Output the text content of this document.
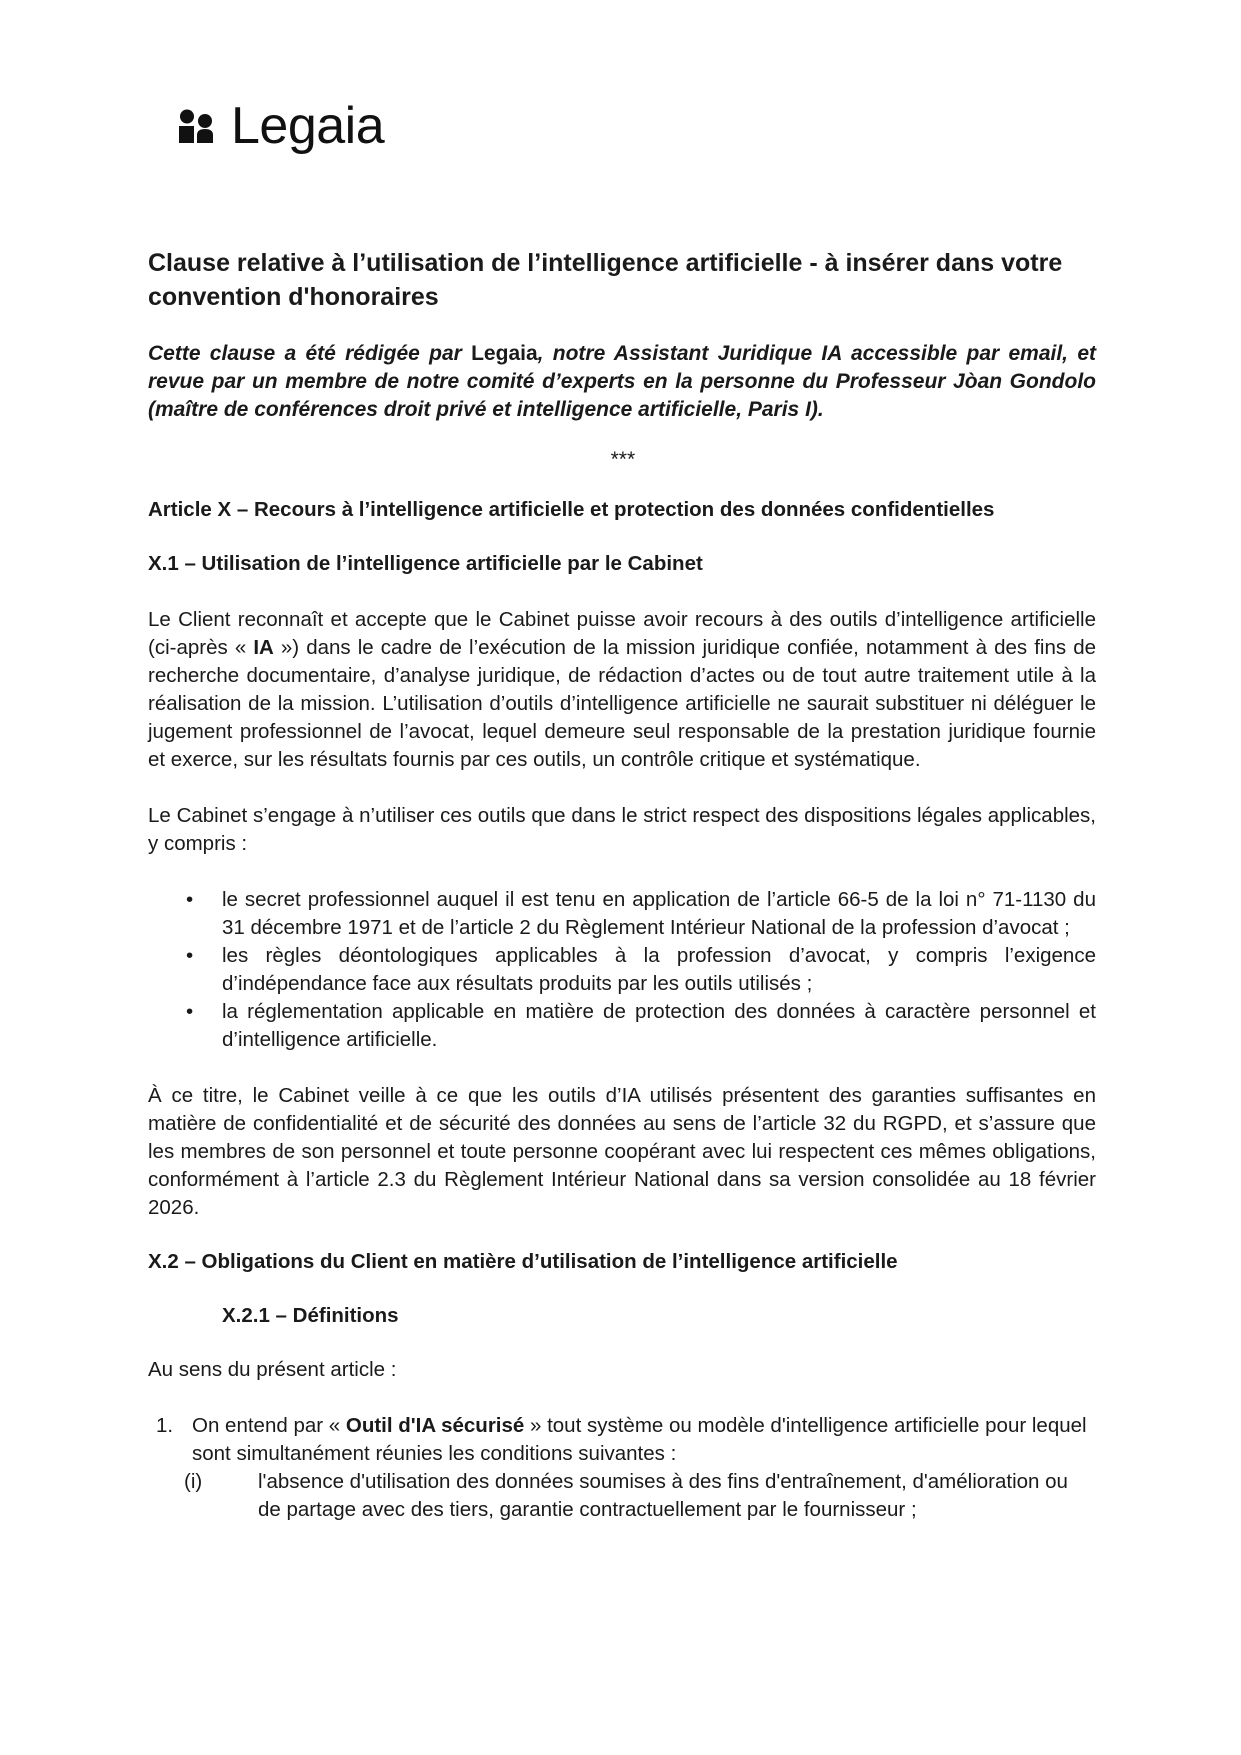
Legaia
Clause relative à l’utilisation de l’intelligence artificielle - à insérer dans votre convention d'honoraires

Cette clause a été rédigée par Legaia, notre Assistant Juridique IA accessible par email, et revue par un membre de notre comité d’experts en la personne du Professeur Jòan Gondolo (maître de conférences droit privé et intelligence artificielle, Paris I).

***

Article X – Recours à l’intelligence artificielle et protection des données confidentielles

X.1 – Utilisation de l’intelligence artificielle par le Cabinet

Le Client reconnaît et accepte que le Cabinet puisse avoir recours à des outils d’intelligence artificielle (ci-après « IA ») dans le cadre de l’exécution de la mission juridique confiée, notamment à des fins de recherche documentaire, d’analyse juridique, de rédaction d’actes ou de tout autre traitement utile à la réalisation de la mission. L’utilisation d’outils d’intelligence artificielle ne saurait substituer ni déléguer le jugement professionnel de l’avocat, lequel demeure seul responsable de la prestation juridique fournie et exerce, sur les résultats fournis par ces outils, un contrôle critique et systématique.

Le Cabinet s’engage à n’utiliser ces outils que dans le strict respect des dispositions légales applicables, y compris :

• le secret professionnel auquel il est tenu en application de l’article 66-5 de la loi n° 71-1130 du 31 décembre 1971 et de l’article 2 du Règlement Intérieur National de la profession d’avocat ;
• les règles déontologiques applicables à la profession d’avocat, y compris l’exigence d’indépendance face aux résultats produits par les outils utilisés ;
• la réglementation applicable en matière de protection des données à caractère personnel et d’intelligence artificielle.

À ce titre, le Cabinet veille à ce que les outils d’IA utilisés présentent des garanties suffisantes en matière de confidentialité et de sécurité des données au sens de l’article 32 du RGPD, et s’assure que les membres de son personnel et toute personne coopérant avec lui respectent ces mêmes obligations, conformément à l’article 2.3 du Règlement Intérieur National dans sa version consolidée au 18 février 2026.

X.2 – Obligations du Client en matière d’utilisation de l’intelligence artificielle

X.2.1 – Définitions

Au sens du présent article :

1. On entend par « Outil d'IA sécurisé » tout système ou modèle d'intelligence artificielle pour lequel sont simultanément réunies les conditions suivantes :
(i)	l'absence d'utilisation des données soumises à des fins d'entraînement, d'amélioration ou de partage avec des tiers, garantie contractuellement par le fournisseur ;
